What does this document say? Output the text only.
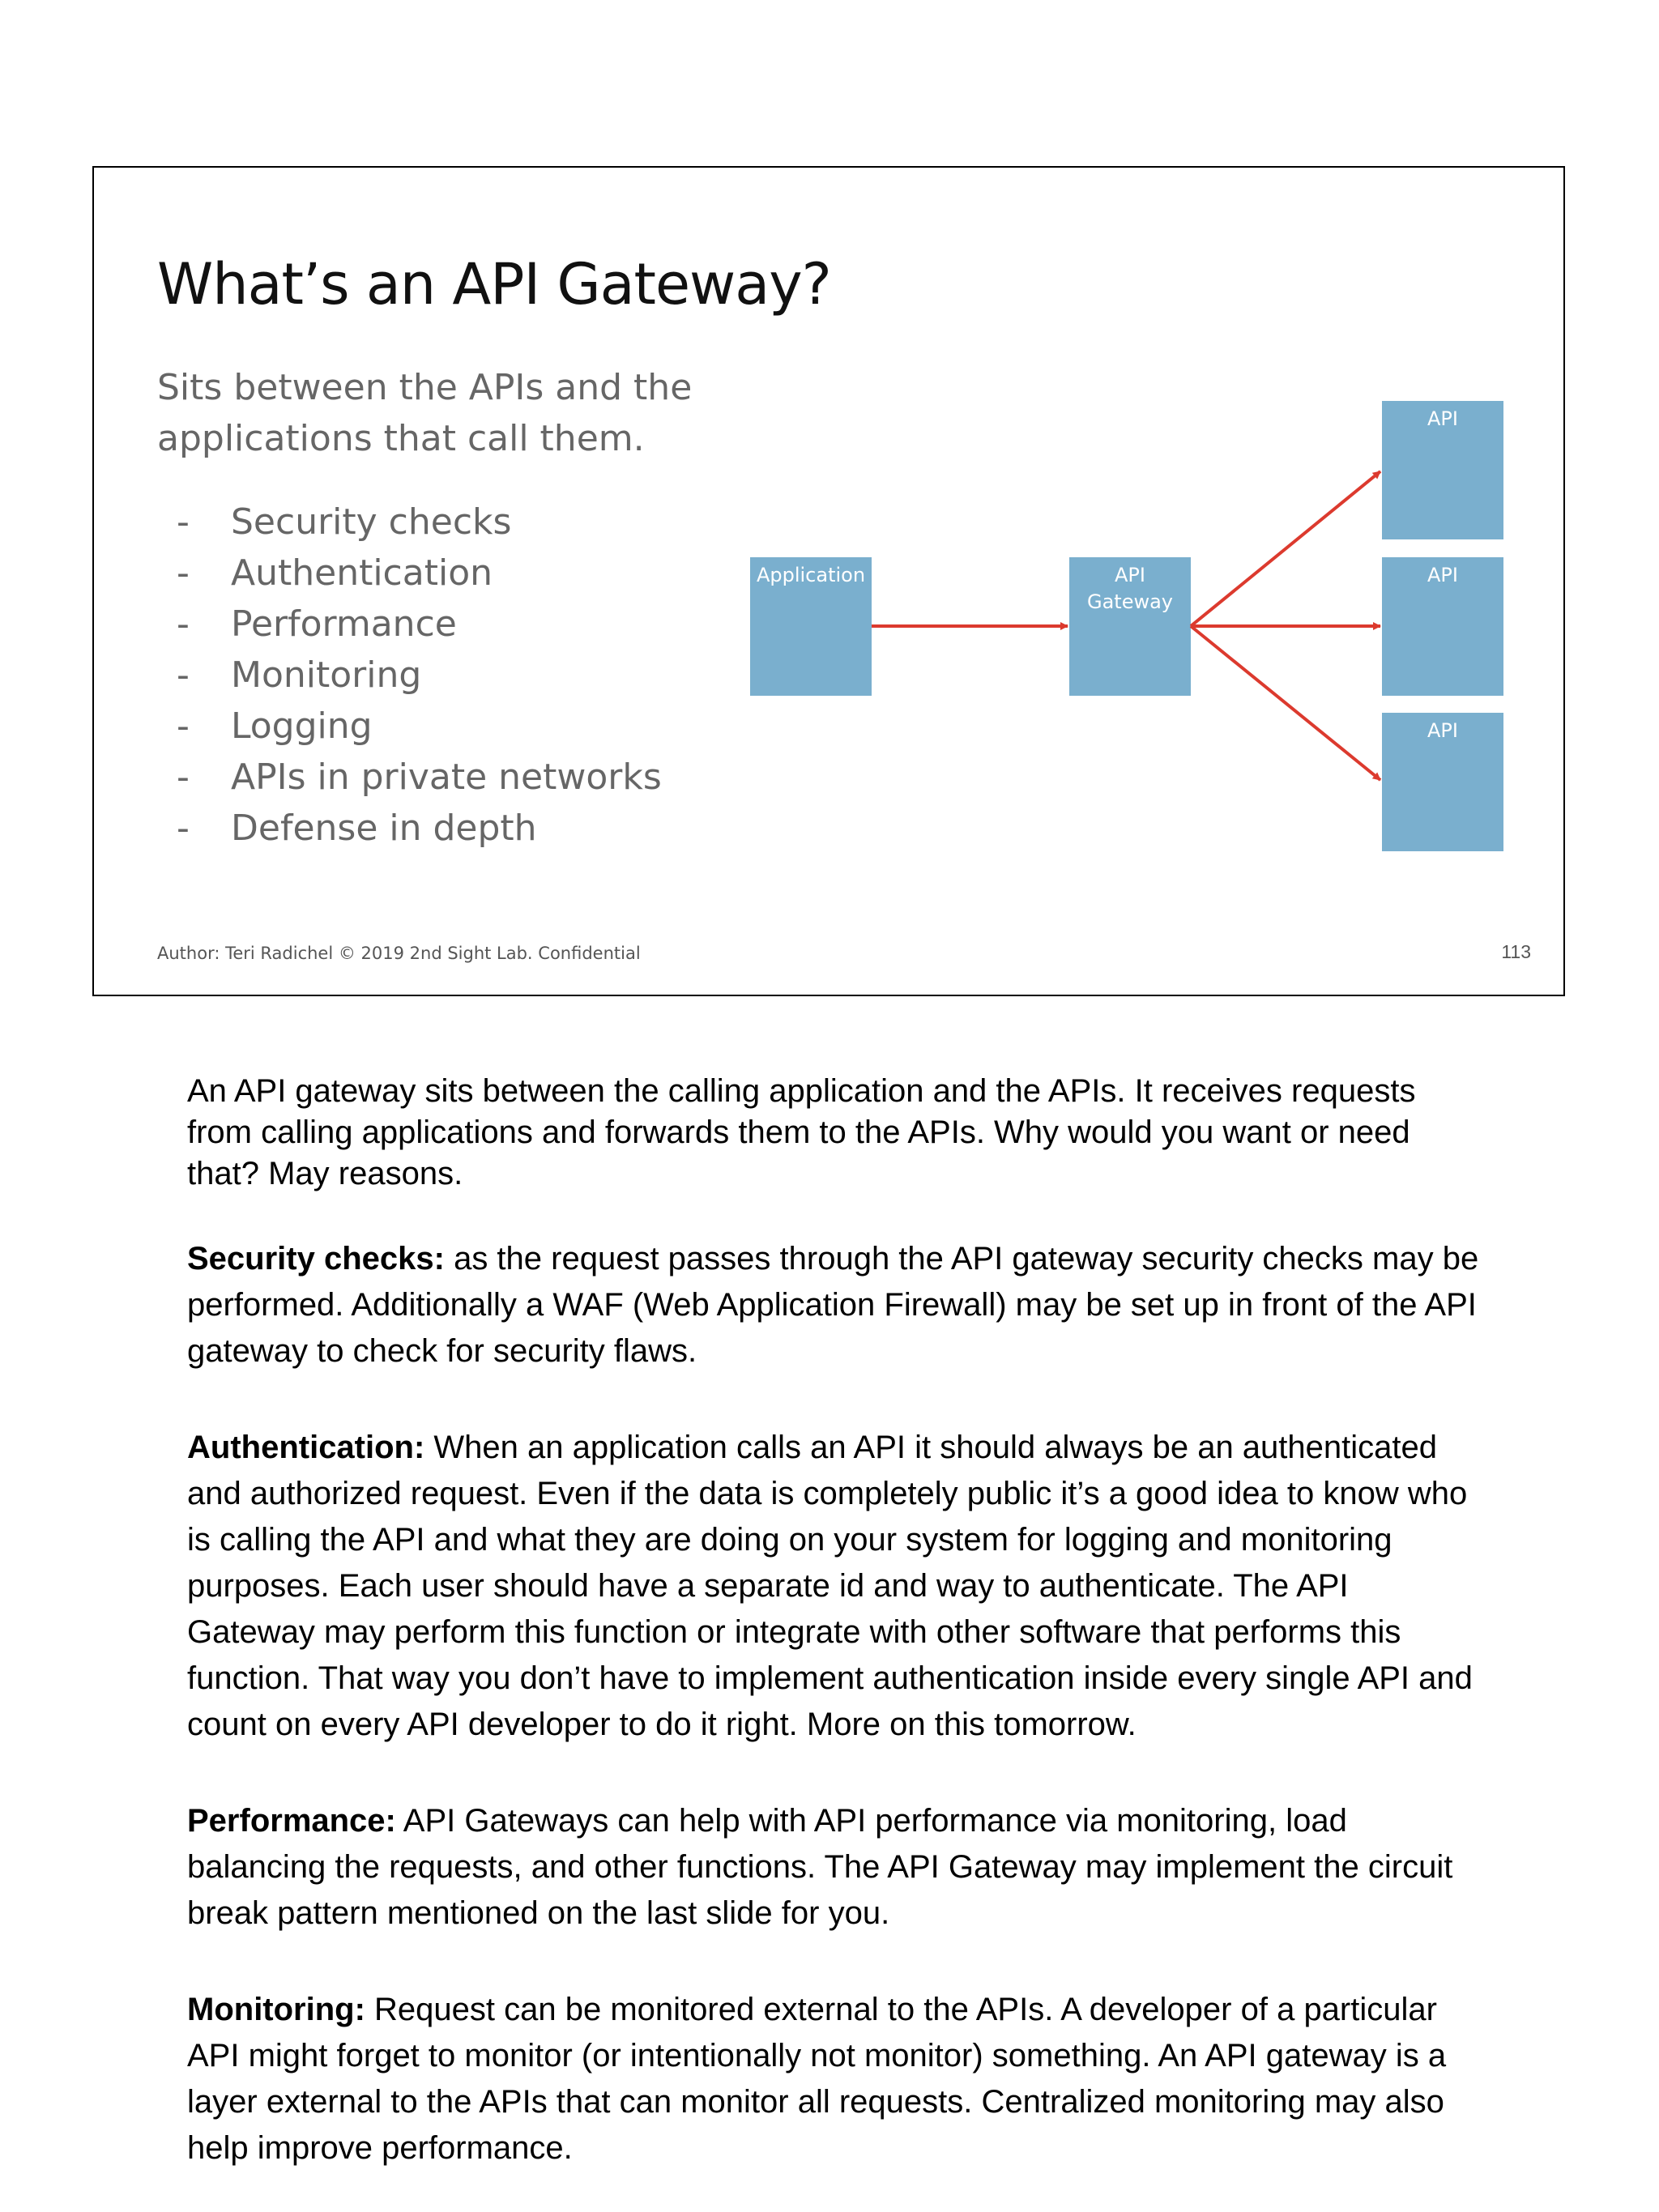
What’s an API Gateway?
Sits between the APIs and the applications that call them.
-	Security checks
-	Authentication
-	Performance
-	Monitoring
-	Logging
-	APIs in private networks
-	Defense in depth
Application	API
Gateway
API
API
API
Author: Teri Radichel © 2019 2nd Sight Lab. Confidential	113

An API gateway sits between the calling application and the APIs. It receives requests from calling applications and forwards them to the APIs. Why would you want or need that? May reasons.

Security checks: as the request passes through the API gateway security checks may be performed. Additionally a WAF (Web Application Firewall) may be set up in front of the API gateway to check for security flaws.

Authentication: When an application calls an API it should always be an authenticated and authorized request. Even if the data is completely public it’s a good idea to know who is calling the API and what they are doing on your system for logging and monitoring purposes. Each user should have a separate id and way to authenticate. The API Gateway may perform this function or integrate with other software that performs this function. That way you don’t have to implement authentication inside every single API and count on every API developer to do it right. More on this tomorrow.

Performance: API Gateways can help with API performance via monitoring, load balancing the requests, and other functions. The API Gateway may implement the circuit break pattern mentioned on the last slide for you.

Monitoring: Request can be monitored external to the APIs. A developer of a particular API might forget to monitor (or intentionally not monitor) something. An API gateway is a layer external to the APIs that can monitor all requests. Centralized monitoring may also help improve performance.
